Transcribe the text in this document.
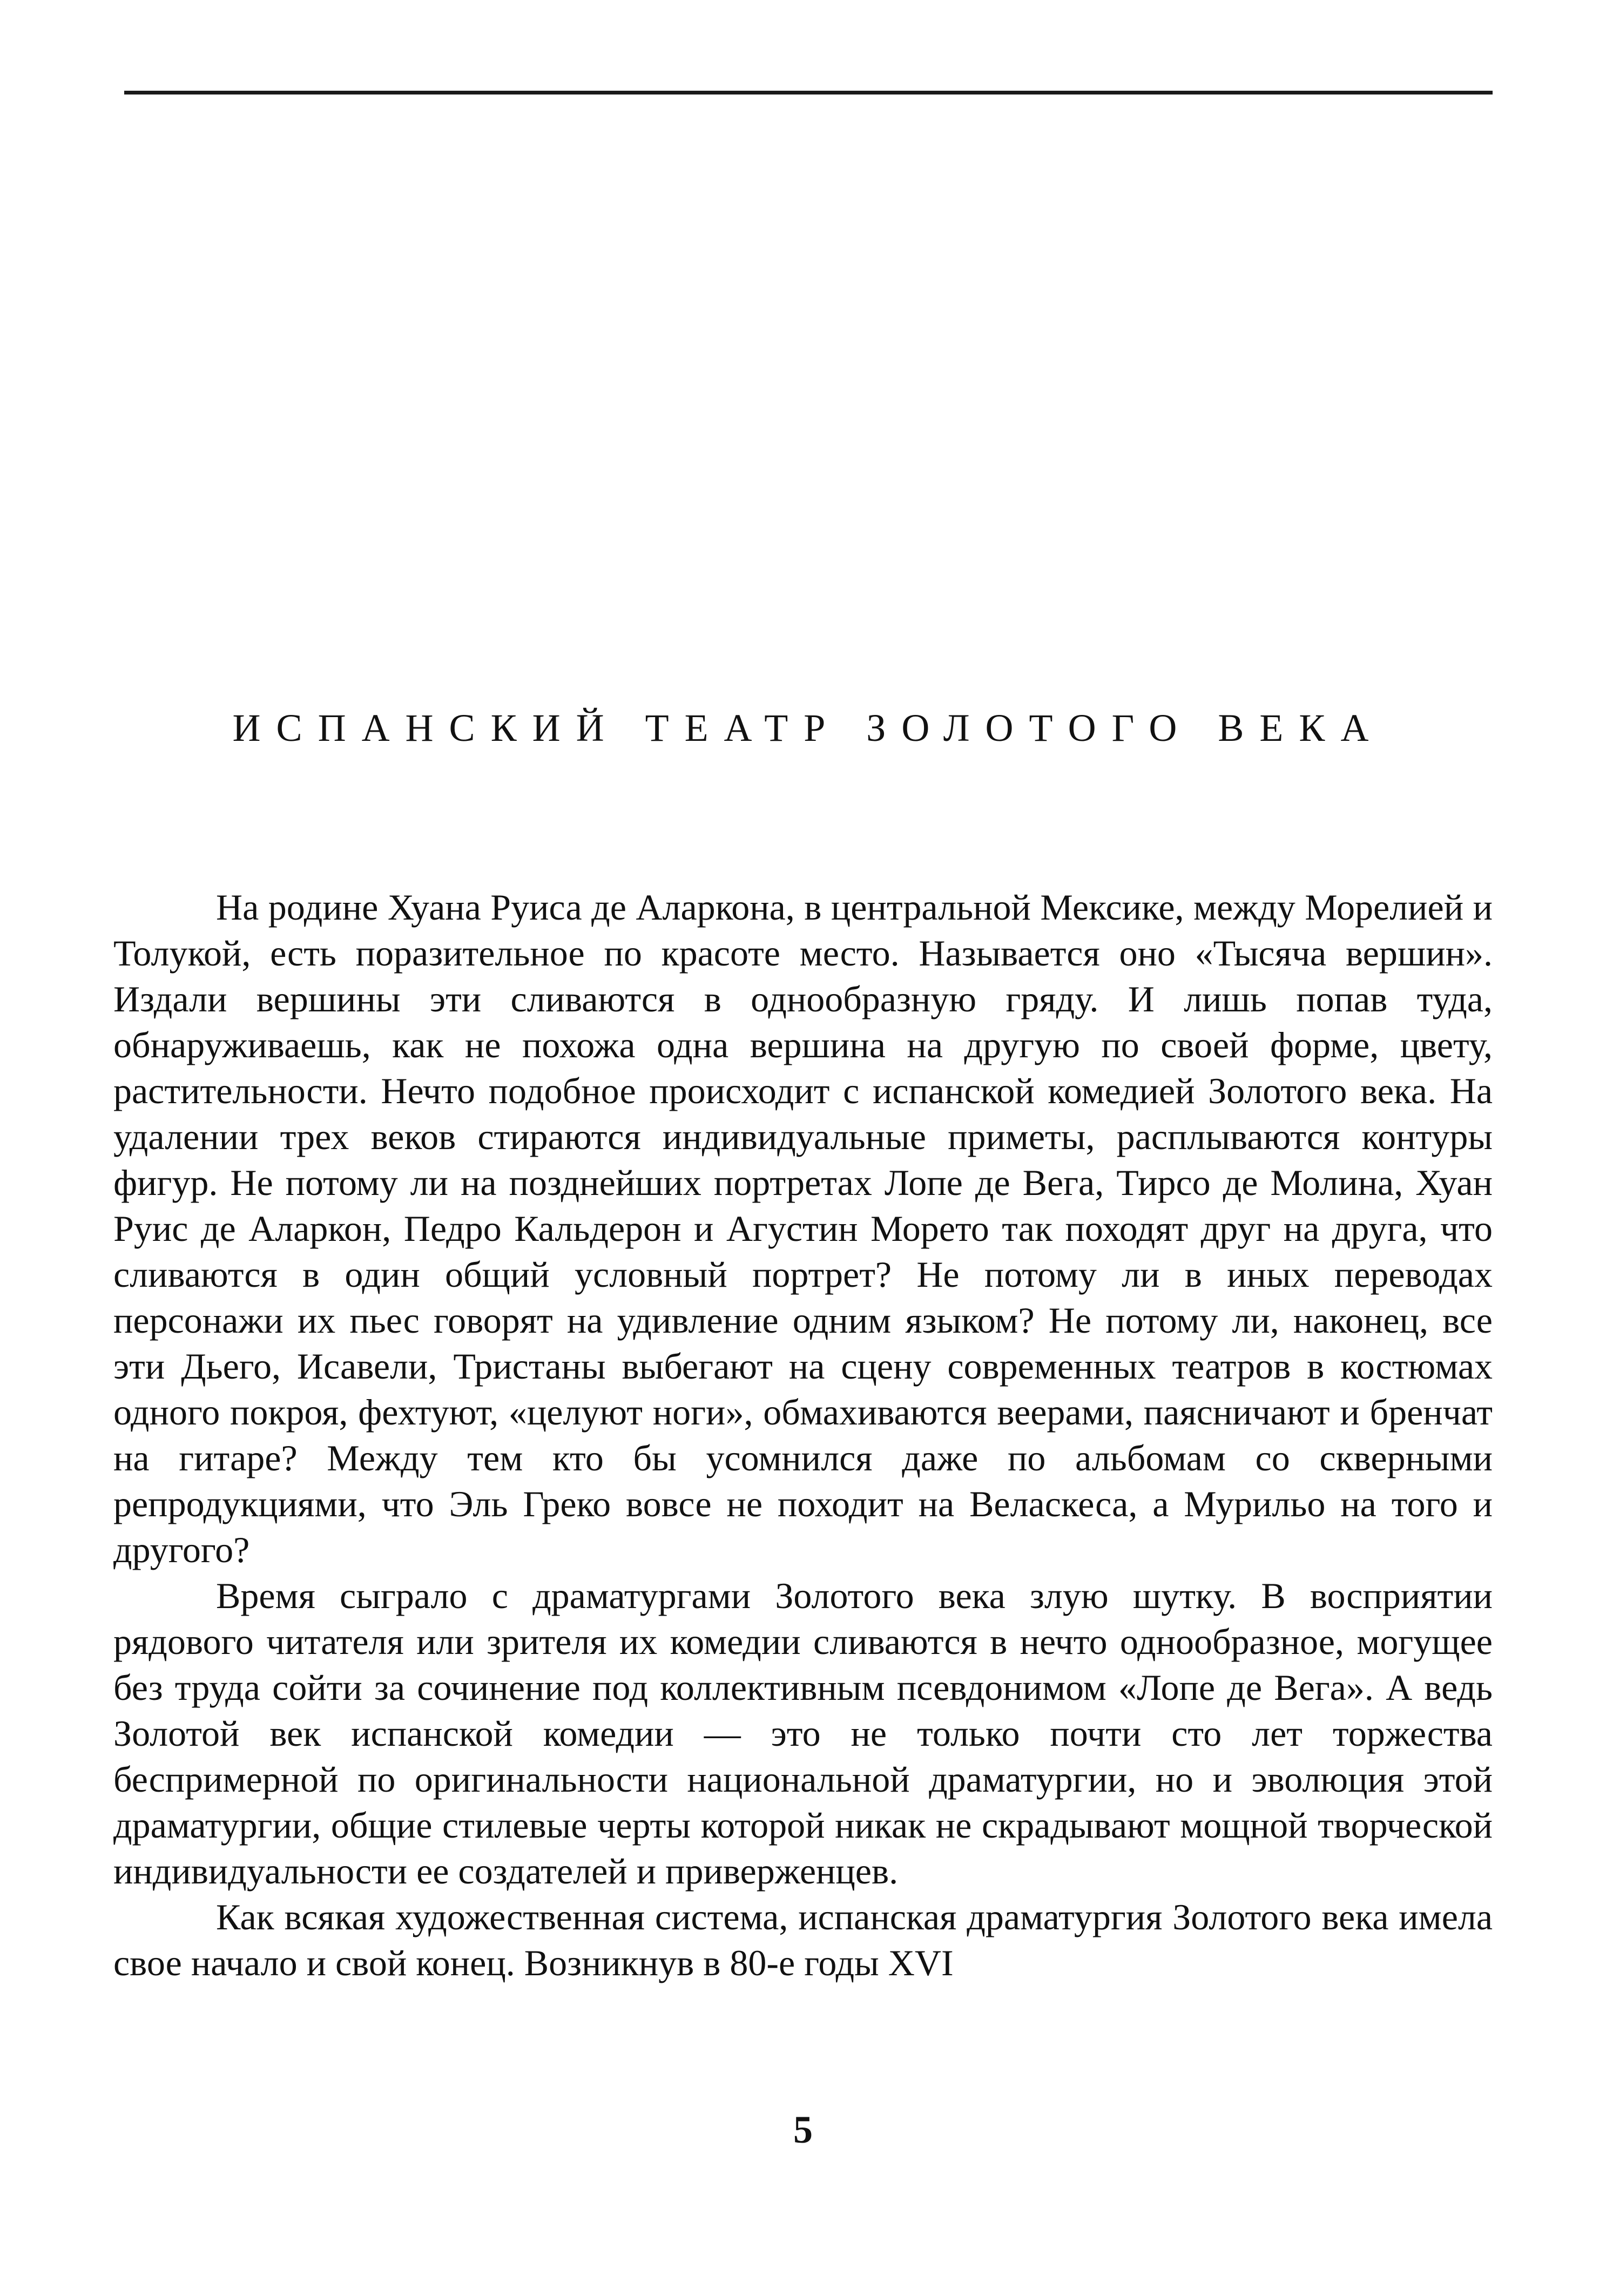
ИСПАНСКИЙ ТЕАТР ЗОЛОТОГО ВЕКА

На родине Хуана Руиса де Аларкона, в центральной Мексике, между Морелией и Толукой, есть поразительное по красоте место. Называется оно «Тысяча вершин». Издали вершины эти сливаются в однообразную гряду. И лишь попав туда, обнаруживаешь, как не похожа одна вершина на другую по своей форме, цвету, растительности. Нечто подобное происходит с испанской комедией Золотого века. На удалении трех веков стираются индивидуальные приметы, расплываются контуры фигур. Не потому ли на позднейших портретах Лопе де Вега, Тирсо де Молина, Хуан Руис де Аларкон, Педро Кальдерон и Агустин Морето так походят друг на друга, что сливаются в один общий условный портрет? Не потому ли в иных переводах персонажи их пьес говорят на удивление одним языком? Не потому ли, наконец, все эти Дьего, Исавели, Тристаны выбегают на сцену современных театров в костюмах одного покроя, фехтуют, «целуют ноги», обмахиваются веерами, паясничают и бренчат на гитаре? Между тем кто бы усомнился даже по альбомам со скверными репродукциями, что Эль Греко вовсе не походит на Веласкеса, а Мурильо на того и другого?

Время сыграло с драматургами Золотого века злую шутку. В восприятии рядового читателя или зрителя их комедии сливаются в нечто однообразное, могущее без труда сойти за сочинение под коллективным псевдонимом «Лопе де Вега». А ведь Золотой век испанской комедии — это не только почти сто лет торжества беспримерной по оригинальности национальной драматургии, но и эволюция этой драматургии, общие стилевые черты которой никак не скрадывают мощной творческой индивидуальности ее создателей и приверженцев.

Как всякая художественная система, испанская драматургия Золотого века имела свое начало и свой конец. Возникнув в 80-е годы XVI

5
